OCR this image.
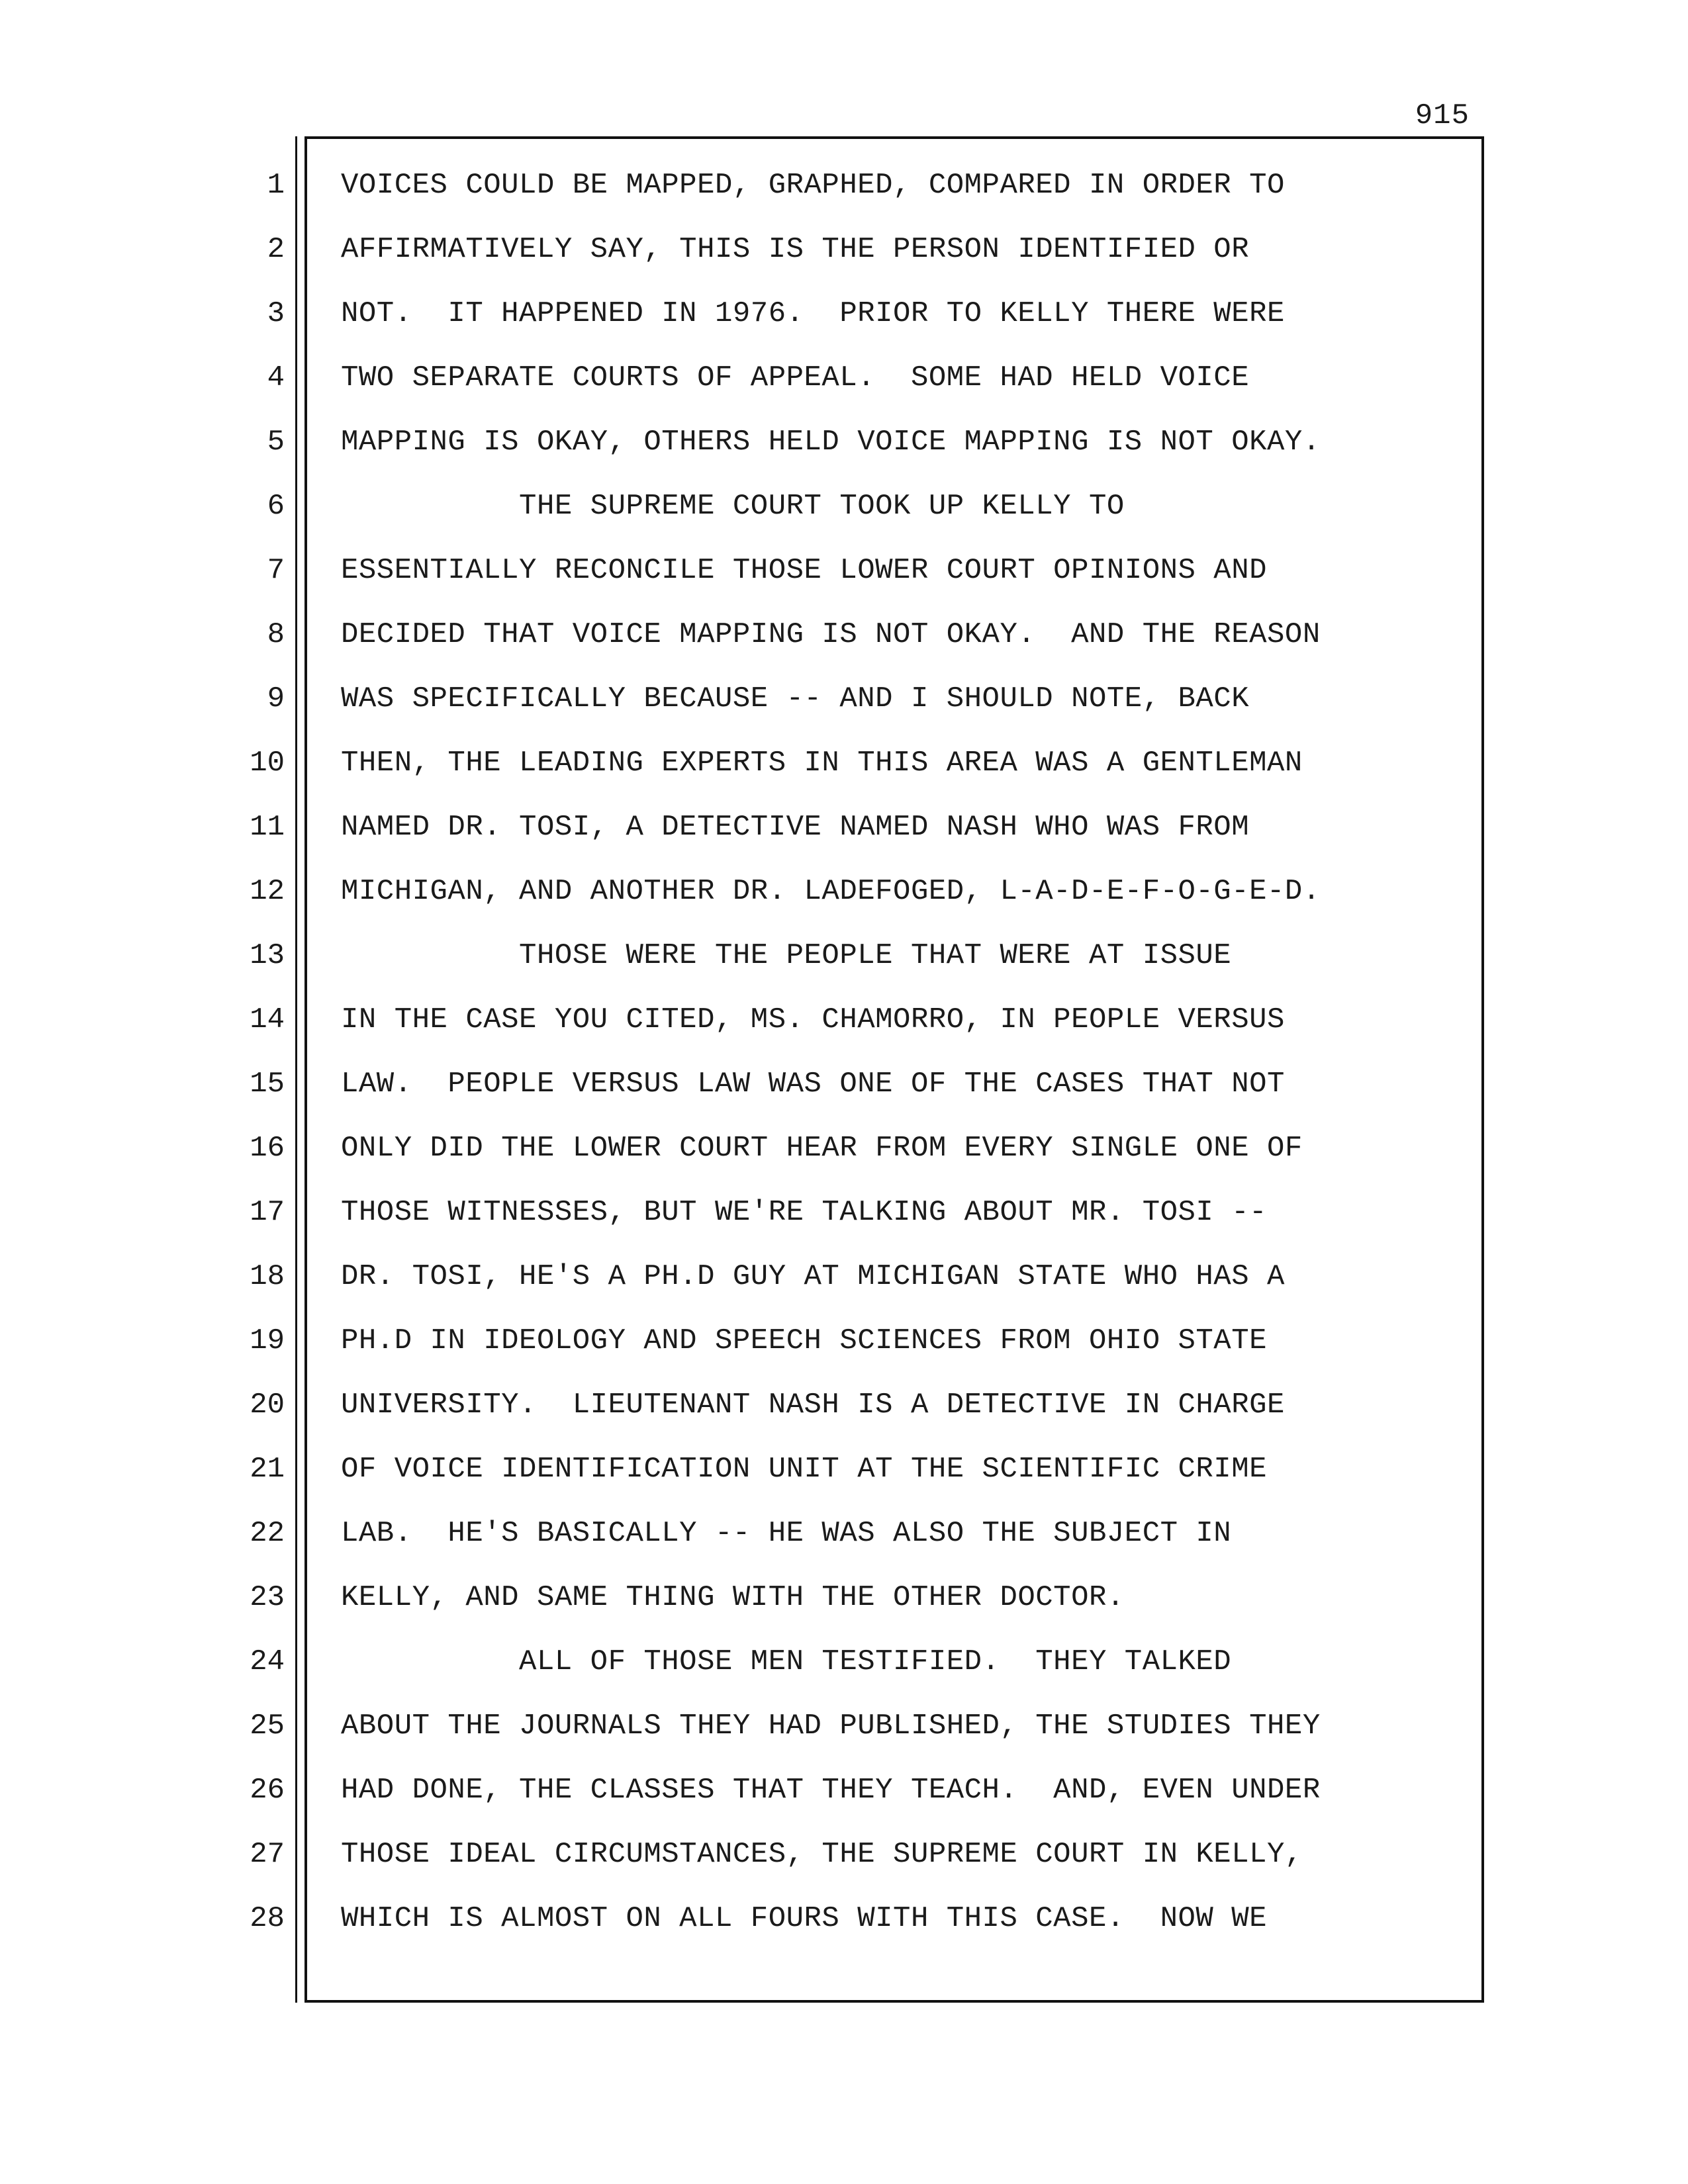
915
1
2
3
4
5
6
7
8
9
10
11
12
13
14
15
16
17
18
19
20
21
22
23
24
25
26
27
28
VOICES COULD BE MAPPED, GRAPHED, COMPARED IN ORDER TO
AFFIRMATIVELY SAY, THIS IS THE PERSON IDENTIFIED OR
NOT.  IT HAPPENED IN 1976.  PRIOR TO KELLY THERE WERE
TWO SEPARATE COURTS OF APPEAL.  SOME HAD HELD VOICE
MAPPING IS OKAY, OTHERS HELD VOICE MAPPING IS NOT OKAY.
THE SUPREME COURT TOOK UP KELLY TO
ESSENTIALLY RECONCILE THOSE LOWER COURT OPINIONS AND
DECIDED THAT VOICE MAPPING IS NOT OKAY.  AND THE REASON
WAS SPECIFICALLY BECAUSE -- AND I SHOULD NOTE, BACK
THEN, THE LEADING EXPERTS IN THIS AREA WAS A GENTLEMAN
NAMED DR. TOSI, A DETECTIVE NAMED NASH WHO WAS FROM
MICHIGAN, AND ANOTHER DR. LADEFOGED, L-A-D-E-F-O-G-E-D.
THOSE WERE THE PEOPLE THAT WERE AT ISSUE
IN THE CASE YOU CITED, MS. CHAMORRO, IN PEOPLE VERSUS
LAW.  PEOPLE VERSUS LAW WAS ONE OF THE CASES THAT NOT
ONLY DID THE LOWER COURT HEAR FROM EVERY SINGLE ONE OF
THOSE WITNESSES, BUT WE'RE TALKING ABOUT MR. TOSI --
DR. TOSI, HE'S A PH.D GUY AT MICHIGAN STATE WHO HAS A
PH.D IN IDEOLOGY AND SPEECH SCIENCES FROM OHIO STATE
UNIVERSITY.  LIEUTENANT NASH IS A DETECTIVE IN CHARGE
OF VOICE IDENTIFICATION UNIT AT THE SCIENTIFIC CRIME
LAB.  HE'S BASICALLY -- HE WAS ALSO THE SUBJECT IN
KELLY, AND SAME THING WITH THE OTHER DOCTOR.
ALL OF THOSE MEN TESTIFIED.  THEY TALKED
ABOUT THE JOURNALS THEY HAD PUBLISHED, THE STUDIES THEY
HAD DONE, THE CLASSES THAT THEY TEACH.  AND, EVEN UNDER
THOSE IDEAL CIRCUMSTANCES, THE SUPREME COURT IN KELLY,
WHICH IS ALMOST ON ALL FOURS WITH THIS CASE.  NOW WE
